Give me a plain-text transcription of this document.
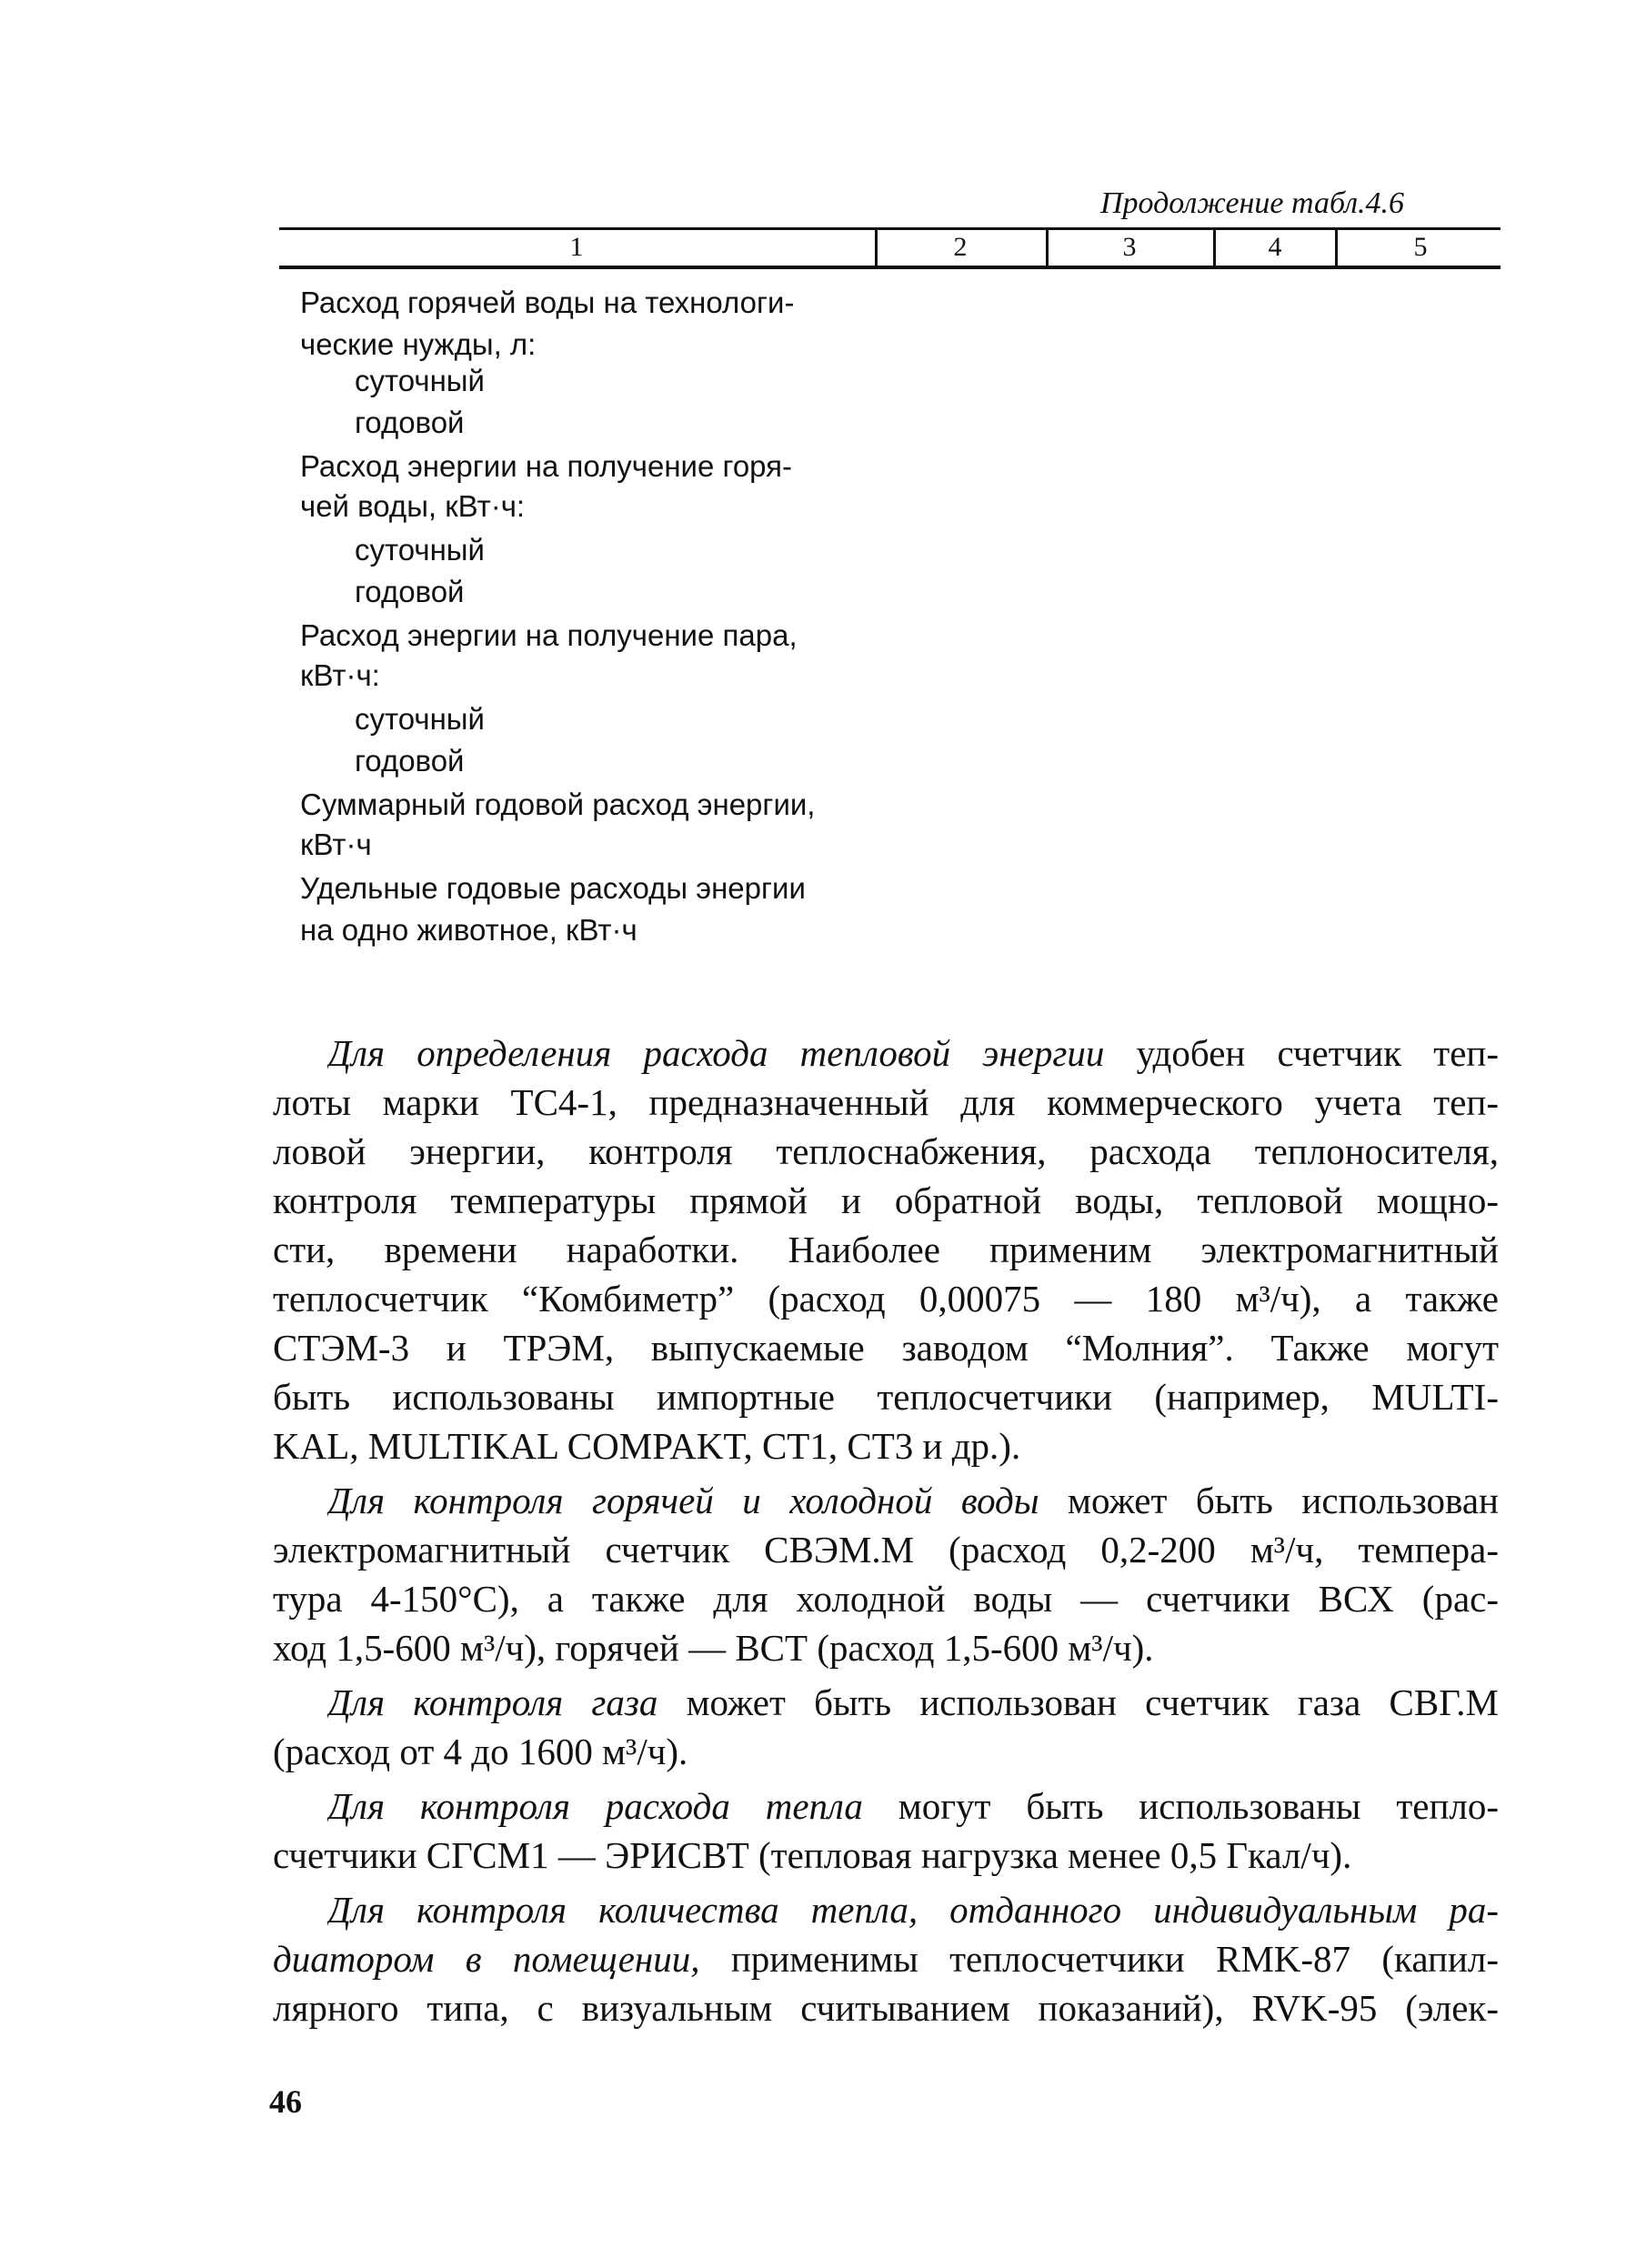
Продолжение табл.4.6
1	2	3	4	5
Расход горячей воды на технологи-
ческие нужды, л:
суточный
годовой
Расход энергии на получение горя-
чей воды, кВт·ч:
суточный
годовой
Расход энергии на получение пара,
кВт·ч:
суточный
годовой
Суммарный годовой расход энергии,
кВт·ч
Удельные годовые расходы энергии
на одно животное, кВт·ч
Для определения расхода тепловой энергии удобен счетчик теп-
лоты марки ТС4-1, предназначенный для коммерческого учета теп-
ловой энергии, контроля теплоснабжения, расхода теплоносителя,
контроля температуры прямой и обратной воды, тепловой мощно-
сти, времени наработки. Наиболее применим электромагнитный
теплосчетчик “Комбиметр” (расход 0,00075 — 180 м³/ч), а также
СТЭМ-3 и ТРЭМ, выпускаемые заводом “Молния”. Также могут
быть использованы импортные теплосчетчики (например, MULTI-
KAL, MULTIKAL COMPAKT, CT1, CT3 и др.).
Для контроля горячей и холодной воды может быть использован
электромагнитный счетчик СВЭМ.М (расход 0,2-200 м³/ч, темпера-
тура 4-150°С), а также для холодной воды — счетчики ВСХ (рас-
ход 1,5-600 м³/ч), горячей — ВСТ (расход 1,5-600 м³/ч).
Для контроля газа может быть использован счетчик газа СВГ.М
(расход от 4 до 1600 м³/ч).
Для контроля расхода тепла могут быть использованы тепло-
счетчики СГСМ1 — ЭРИСВТ (тепловая нагрузка менее 0,5 Гкал/ч).
Для контроля количества тепла, отданного индивидуальным ра-
диатором в помещении, применимы теплосчетчики RMK-87 (капил-
лярного типа, с визуальным считыванием показаний), RVK-95 (элек-
46
